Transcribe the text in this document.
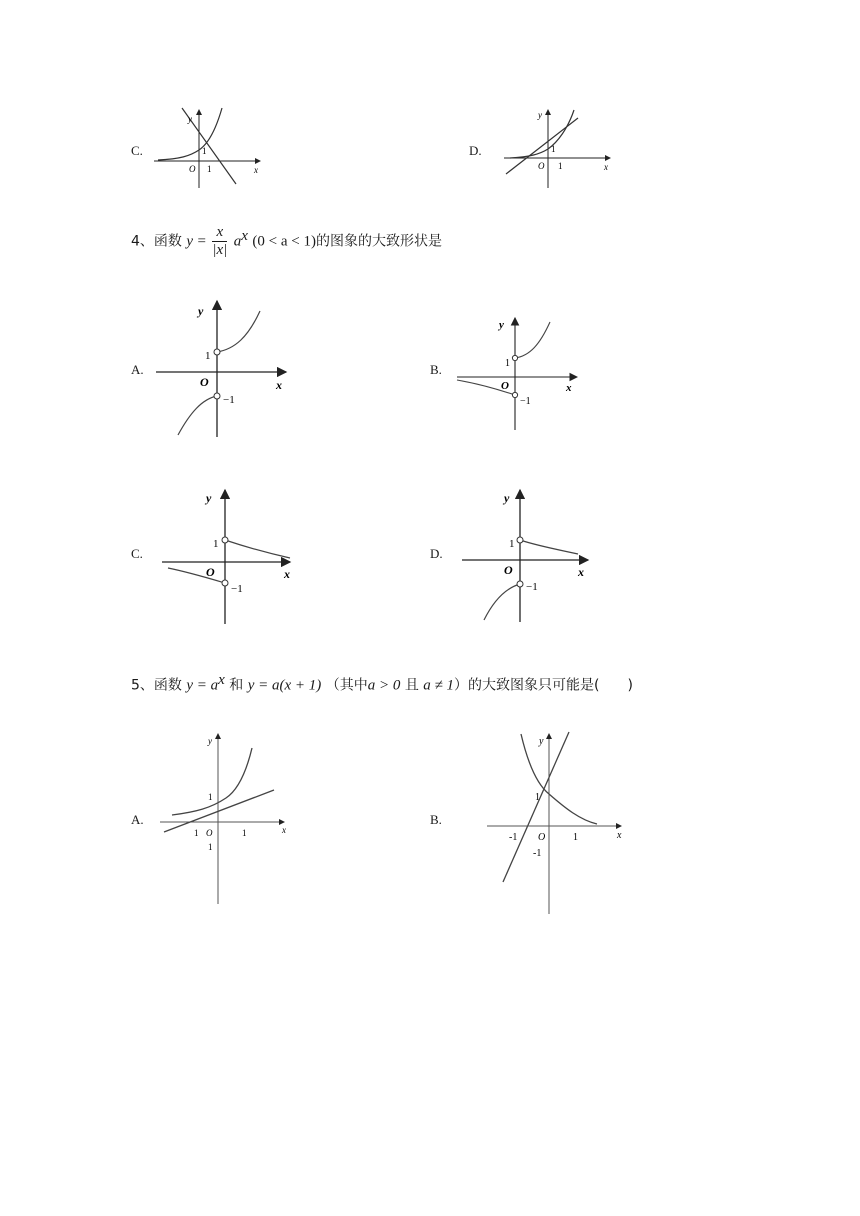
C.
y
1
O 1	x
D.
y
1
O 1	x
4、函数 $y = \frac{x}{|x|} a^x$ (0 < a < 1)的图象的大致形状是
A.
y
1
O
−1
x
B.
y
1
O
−1
x
C.
y
1
O
−1
x
D.
y
1
O
−1
x
5、函数 $y = a^x$ 和 y = a(x + 1) （其中a > 0 且 a ≠ 1）的大致图象只可能是(　　)
A.
y
1
1 O	1
1
x
B.
y
1
-1 O	1
-1
x
